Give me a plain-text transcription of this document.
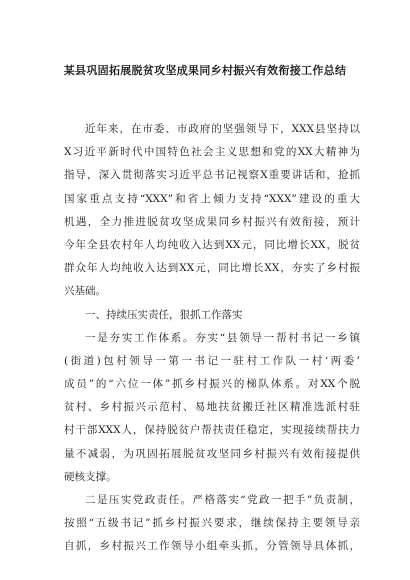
某县巩固拓展脱贫攻坚成果同乡村振兴有效衔接工作总结
近年来，在市委、市政府的坚强领导下，XXX县坚持以
X习近平新时代中国特色社会主义思想和党的XX大精神为
指导，深入贯彻落实习近平总书记视察X重要讲话和，抢抓
国家重点支持“XXX”和省上倾力支持“XXX”建设的重大
机遇，全力推进脱贫攻坚成果同乡村振兴有效衔接，预计
今年全县农村年人均纯收入达到XX元，同比增长XX，脱贫
群众年人均纯收入达到XX元，同比增长XX，夯实了乡村振
兴基础。
一、持续压实责任，狠抓工作落实
一是夯实工作体系。夯实“县领导一帮村书记一乡镇
(街道)包村领导一第一书记一驻村工作队一村‘两委’
成员”的“六位一体”抓乡村振兴的梯队体系。对XX个脱
贫村、乡村振兴示范村、易地扶贫搬迁社区精准选派村驻
村干部XXX人，保持脱贫户帮扶责任稳定，实现接续帮扶力
量不减弱，为巩固拓展脱贫攻坚同乡村振兴有效衔接提供
硬核支撑。
二是压实党政责任。严格落实“党政一把手”负责制，
按照“五级书记”抓乡村振兴要求，继续保持主要领导亲
自抓，乡村振兴工作领导小组牵头抓，分管领导具体抓，
